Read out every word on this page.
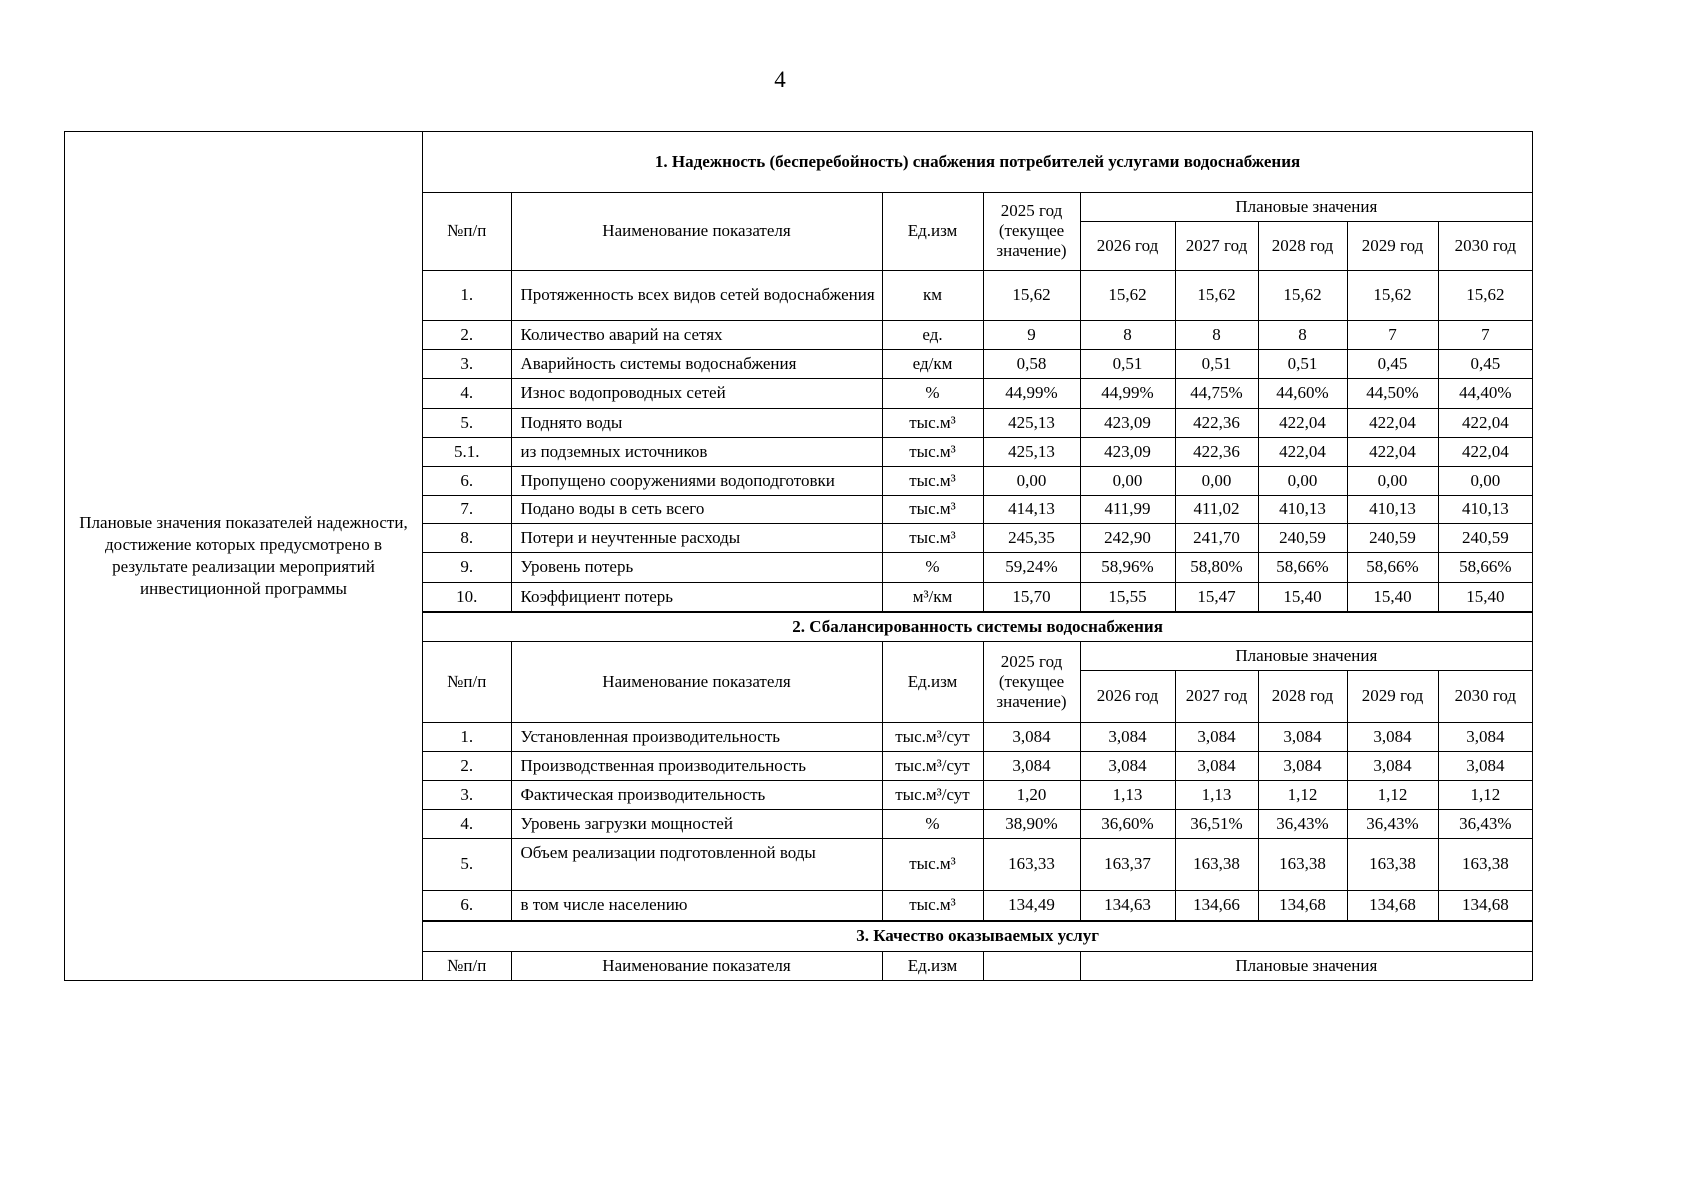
4
Плановые значения показателей надежности, достижение которых предусмотрено в результате реализации мероприятий инвестиционной программы	
1. Надежность (бесперебойность) снабжения потребителей услугами водоснабжения
№п/п	Наименование показателя	Ед.изм	2025 год (текущее значение)	Плановые значения
2026 год	2027 год	2028 год	2029 год	2030 год
1.	Протяженность всех видов сетей водоснабжения	км	15,62	15,62	15,62	15,62	15,62	15,62
2.	Количество аварий на сетях	ед.	9	8	8	8	7	7
3.	Аварийность системы водоснабжения	ед/км	0,58	0,51	0,51	0,51	0,45	0,45
4.	Износ водопроводных сетей	%	44,99%	44,99%	44,75%	44,60%	44,50%	44,40%
5.	Поднято воды	тыс.м³	425,13	423,09	422,36	422,04	422,04	422,04
5.1.	из подземных источников	тыс.м³	425,13	423,09	422,36	422,04	422,04	422,04
6.	Пропущено сооружениями водоподготовки	тыс.м³	0,00	0,00	0,00	0,00	0,00	0,00
7.	Подано воды в сеть всего	тыс.м³	414,13	411,99	411,02	410,13	410,13	410,13
8.	Потери и неучтенные расходы	тыс.м³	245,35	242,90	241,70	240,59	240,59	240,59
9.	Уровень потерь	%	59,24%	58,96%	58,80%	58,66%	58,66%	58,66%
10.	Коэффициент потерь	м³/км	15,70	15,55	15,47	15,40	15,40	15,40
2. Сбалансированность системы водоснабжения
№п/п	Наименование показателя	Ед.изм	2025 год (текущее значение)	Плановые значения
2026 год	2027 год	2028 год	2029 год	2030 год
1.	Установленная производительность	тыс.м³/сут	3,084	3,084	3,084	3,084	3,084	3,084
2.	Производственная производительность	тыс.м³/сут	3,084	3,084	3,084	3,084	3,084	3,084
3.	Фактическая производительность	тыс.м³/сут	1,20	1,13	1,13	1,12	1,12	1,12
4.	Уровень загрузки мощностей	%	38,90%	36,60%	36,51%	36,43%	36,43%	36,43%
5.	Объем реализации подготовленной воды	тыс.м³	163,33	163,37	163,38	163,38	163,38	163,38
6.	в том числе населению	тыс.м³	134,49	134,63	134,66	134,68	134,68	134,68
3. Качество оказываемых услуг
№п/п	Наименование показателя	Ед.изм		Плановые значения
